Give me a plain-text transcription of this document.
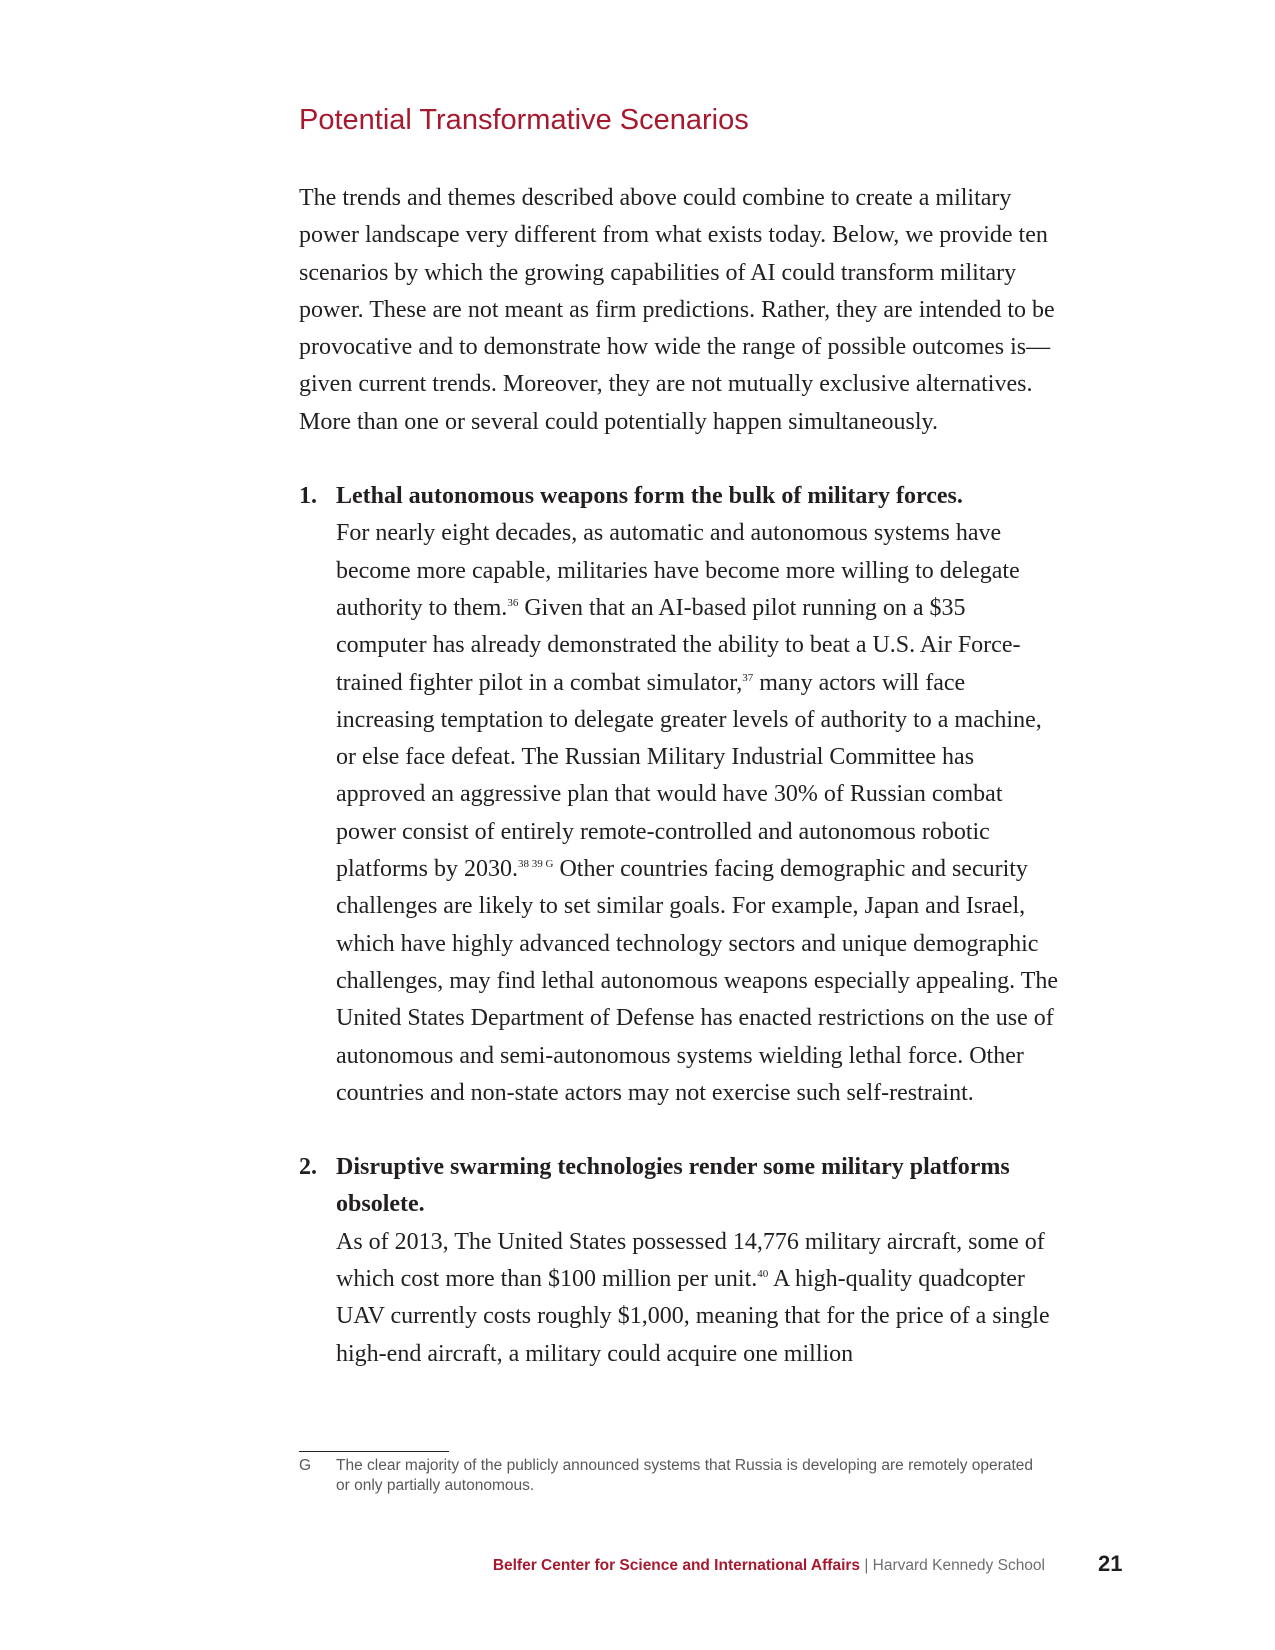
Potential Transformative Scenarios

The trends and themes described above could combine to create a military power landscape very different from what exists today. Below, we provide ten scenarios by which the growing capabilities of AI could transform military power. These are not meant as firm predictions. Rather, they are intended to be provocative and to demonstrate how wide the range of possible outcomes is—given current trends. Moreover, they are not mutually exclusive alternatives. More than one or several could potentially happen simultaneously.

1. Lethal autonomous weapons form the bulk of military forces.
For nearly eight decades, as automatic and autonomous systems have become more capable, militaries have become more willing to delegate authority to them.$^{36}$ Given that an AI-based pilot running on a $35 computer has already demonstrated the ability to beat a U.S. Air Force-trained fighter pilot in a combat simulator,$^{37}$ many actors will face increasing temptation to delegate greater levels of authority to a machine, or else face defeat. The Russian Military Industrial Committee has approved an aggressive plan that would have 30% of Russian combat power consist of entirely remote-controlled and autonomous robotic platforms by 2030.$^{38 39 G}$ Other countries facing demographic and security challenges are likely to set similar goals. For example, Japan and Israel, which have highly advanced technology sectors and unique demographic challenges, may find lethal autonomous weapons especially appealing. The United States Department of Defense has enacted restrictions on the use of autonomous and semi-autonomous systems wielding lethal force. Other countries and non-state actors may not exercise such self-restraint.
2. Disruptive swarming technologies render some military platforms obsolete.
As of 2013, The United States possessed 14,776 military aircraft, some of which cost more than $100 million per unit.$^{40}$ A high-quality quadcopter UAV currently costs roughly $1,000, meaning that for the price of a single high-end aircraft, a military could acquire one million
G	The clear majority of the publicly announced systems that Russia is developing are remotely operated or only partially autonomous.
Belfer Center for Science and International Affairs | Harvard Kennedy School 21
